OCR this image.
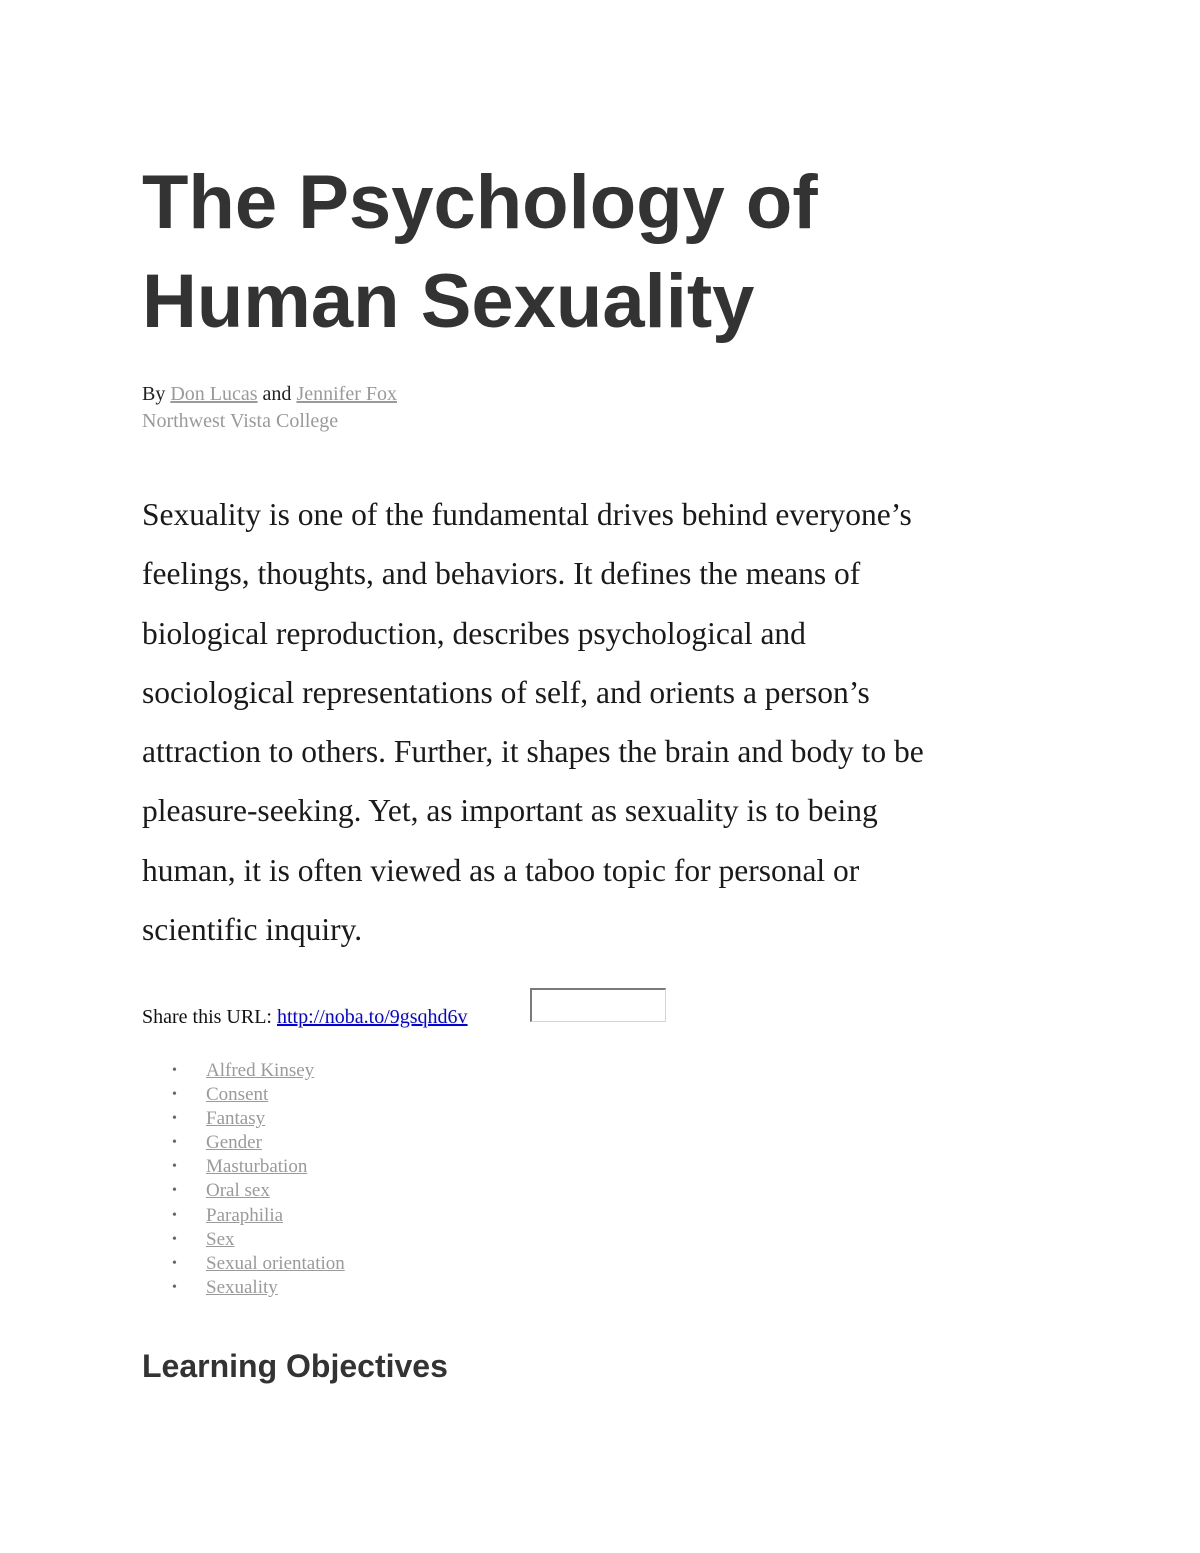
The Psychology of
Human Sexuality
By Don Lucas and Jennifer Fox
Northwest Vista College
Sexuality is one of the fundamental drives behind everyone’s
feelings, thoughts, and behaviors. It defines the means of
biological reproduction, describes psychological and
sociological representations of self, and orients a person’s
attraction to others. Further, it shapes the brain and body to be
pleasure-seeking. Yet, as important as sexuality is to being
human, it is often viewed as a taboo topic for personal or
scientific inquiry.
Share this URL: http://noba.to/9gsqhd6v
• Alfred Kinsey
• Consent
• Fantasy
• Gender
• Masturbation
• Oral sex
• Paraphilia
• Sex
• Sexual orientation
• Sexuality
Learning Objectives
